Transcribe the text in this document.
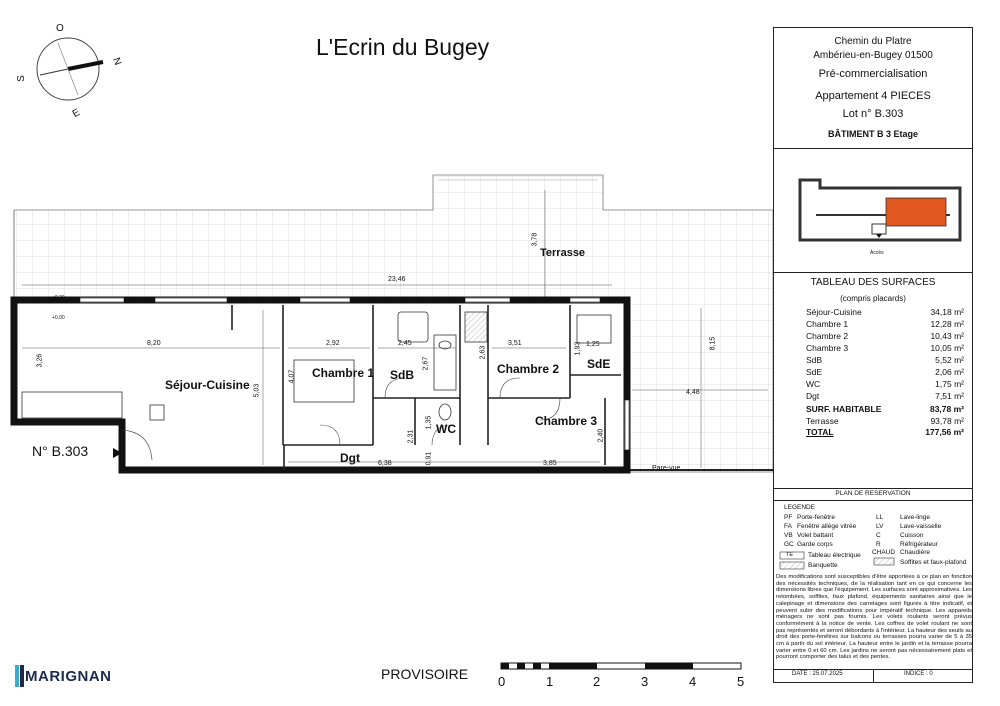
O
N
S
E
L'Ecrin du Bugey
Séjour-Cuisine
Chambre 1 SdB	Chambre 2 SdE
Chambre 3
WC
Dgt
Terrasse
23,46
3,78
8,20
3,26
5,03
2,92
4,07
2,45
2,67
3,51
2,63
1,25
1,93	8,15
4,48
1,35
2,31
0,91
6,38	3,85
2,40
Pare-vue
+0.00
+0.20
N° B.303
Chemin du Platre
Ambérieu-en-Bugey 01500
Pré-commercialisation
Appartement 4 PIECES
Lot n° B.303
BÂTIMENT B 3 Etage
Accès
TABLEAU DES SURFACES
(compris placards)
Séjour-Cuisine	34,18 m²
Chambre 1	12,28 m²
Chambre 2	10,43 m²
Chambre 3	10,05 m²
SdB	5,52 m²
SdE	2,06 m²
WC	1,75 m²
Dgt	7,51 m²
SURF. HABITABLE	83,78 m²
Terrasse	93,78 m²
TOTAL	177,56 m²
PLAN DE RESERVATION
DATE : 25.07.2025	INDICE : 0
LEGENDE
PF Porte-fenêtre
FA Fenêtre allège vitrée
VB Volet battant
GC Garde corps
TE Tableau électrique
Banquette
LL	Lave-linge
LV	Lave-vaisselle
C	Cuisson
R	Réfrigérateur
CHAUD Chaudière
Soffites et faux-plafond
Des modifications sont susceptibles d'être apportées à ce plan en fonction des nécessités techniques, de la réalisation tant en ce qui concerne les dimensions libres que l'équipement. Les surfaces sont approximatives. Les retombées, soffites, faux plafond, équipements sanitaires ainsi que le calepinage et dimensions des carrelages sont figurés à titre indicatif, et peuvent subir des modifications pour impératif technique. Les appareils ménagers ne sont pas fournis. Les volets roulants seront prévus conformément à la notice de vente. Les coffres de volet roulant ne sont pas représentés et seront débordants à l'intérieur. La hauteur des seuils au droit des porte-fenêtres sur balcons ou terrasses pourra varier de 5 à 35 cm à partir du sol intérieur. La hauteur entre le jardin et la terrasse pourra varier entre 0 et 60 cm. Les jardins ne seront pas nécessairement plats et pourront comporter des talus et des pentes.
MARIGNAN	PROVISOIRE 0	1	2	3	4	5
